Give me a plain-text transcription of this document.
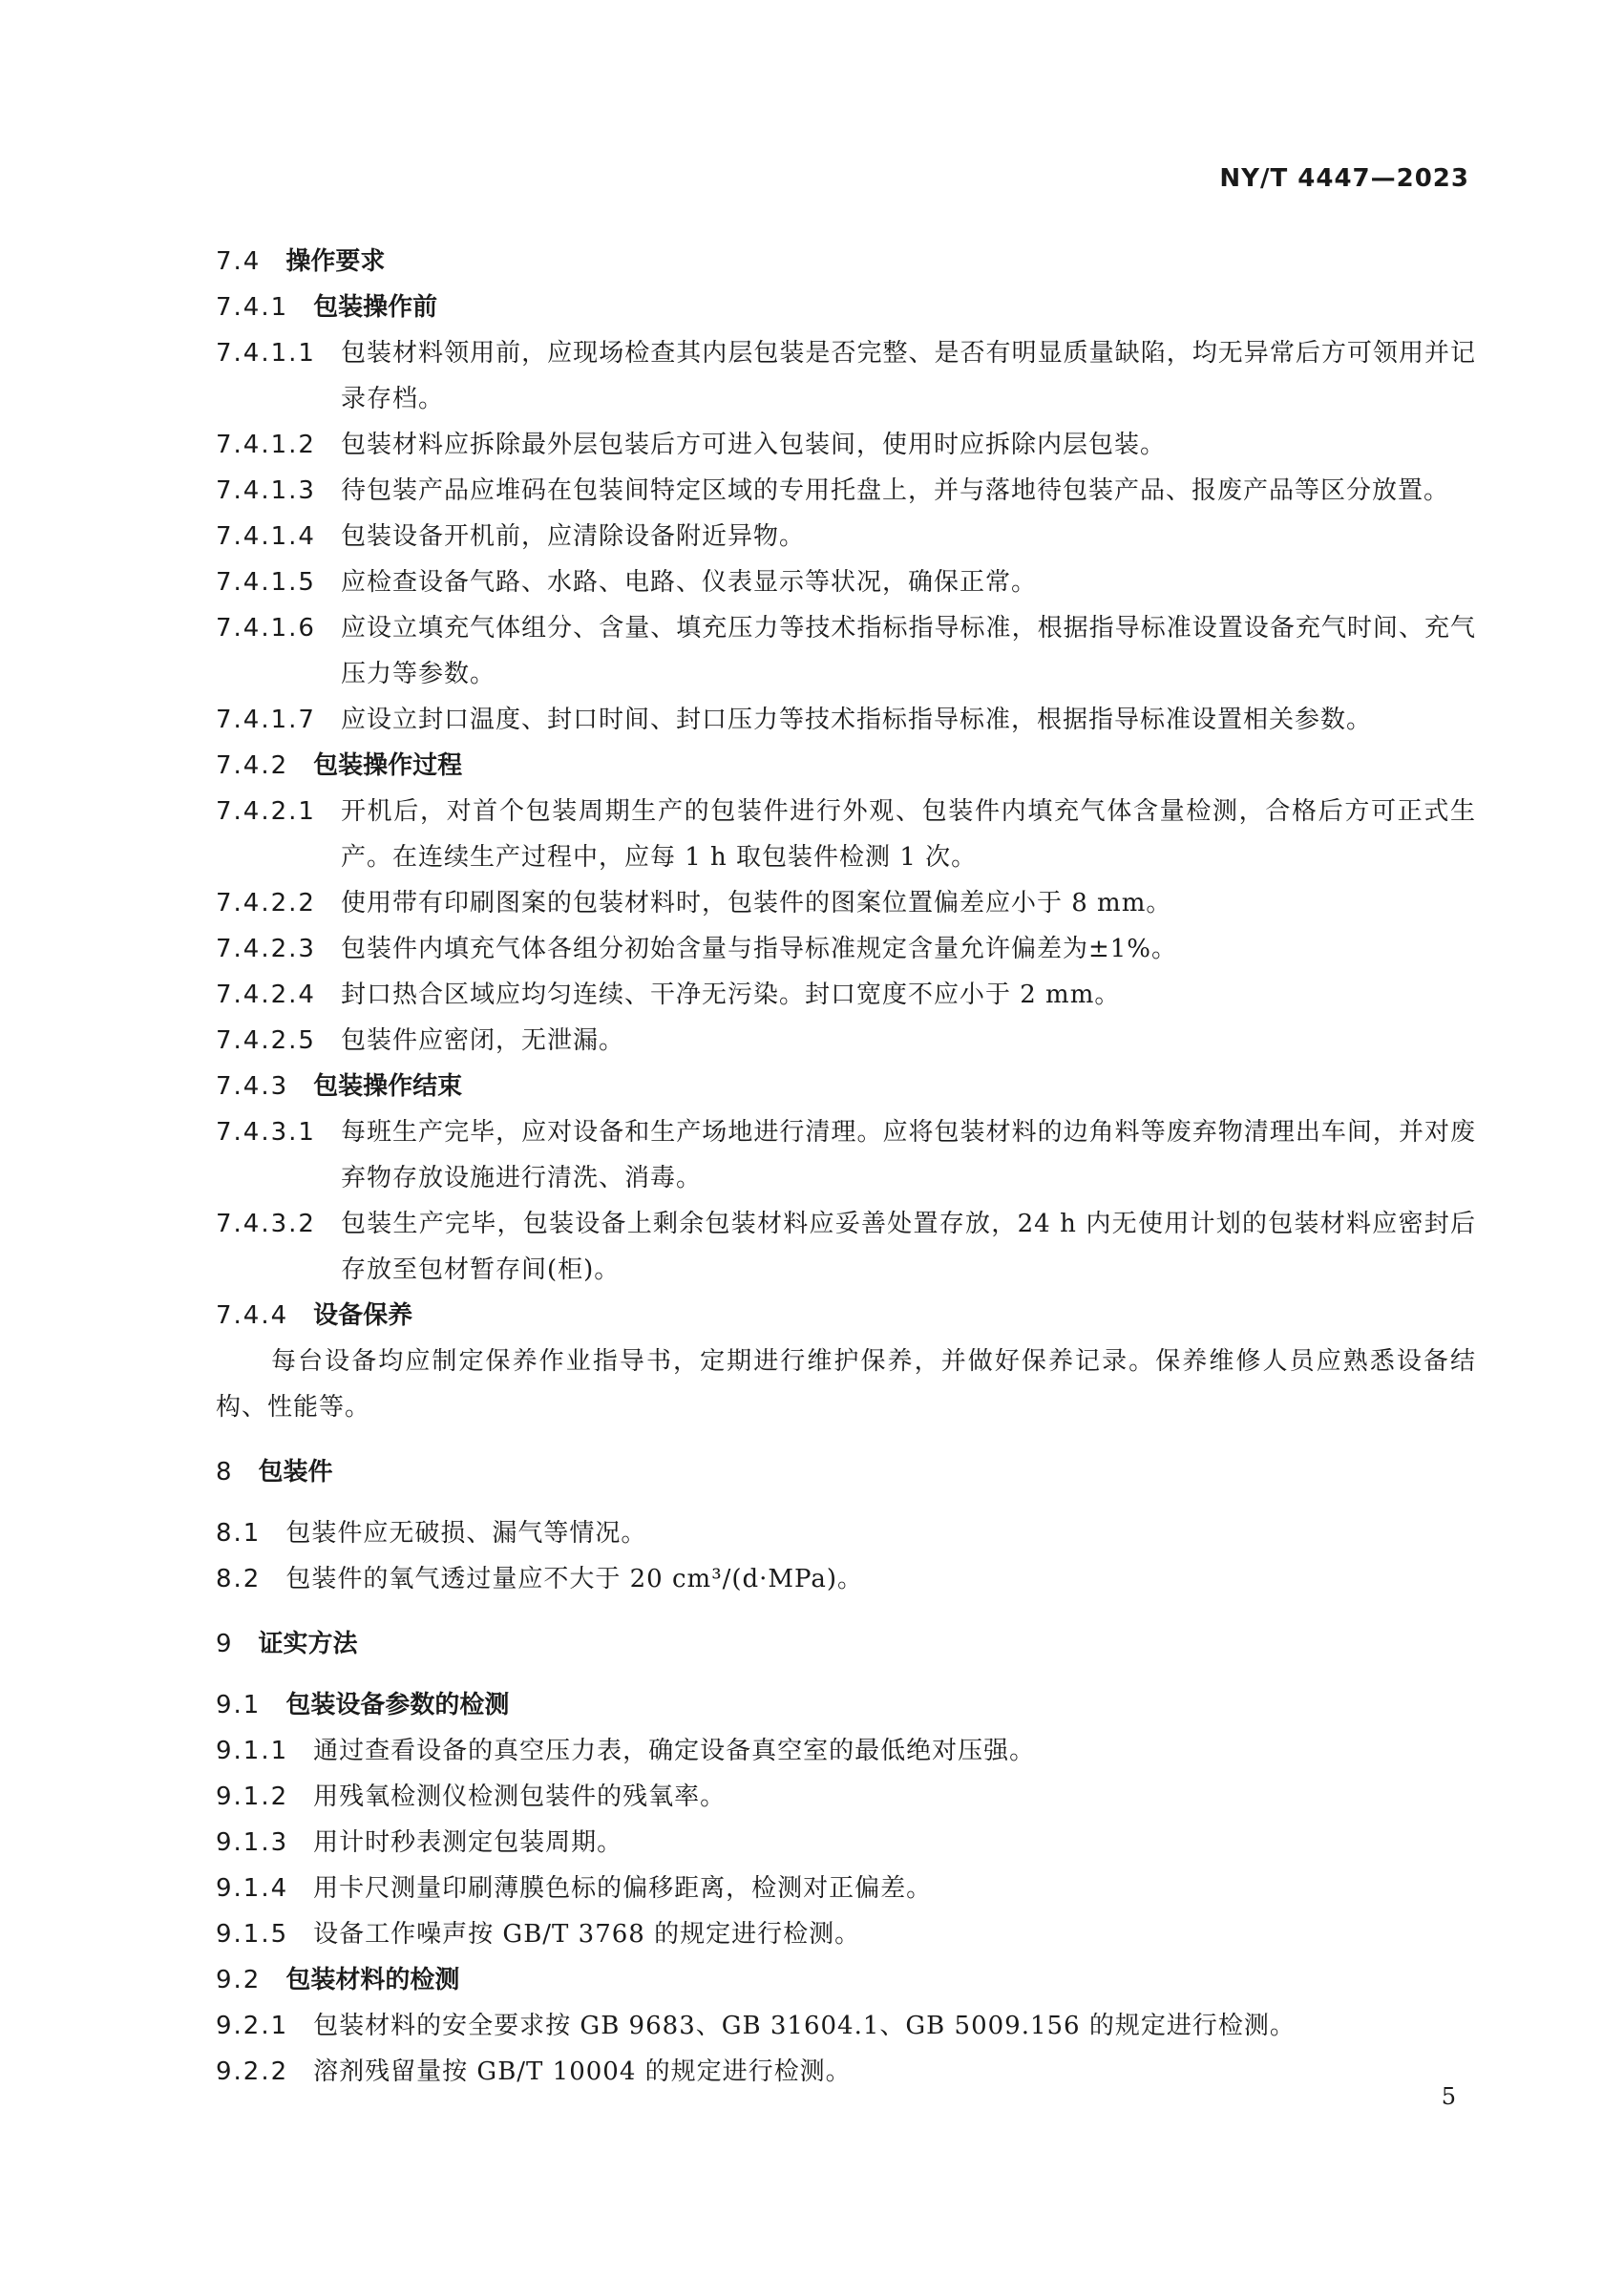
NY/T 4447—2023
7.4 操作要求
7.4.1 包装操作前
7.4.1.1 包装材料领用前，应现场检查其内层包装是否完整、是否有明显质量缺陷，均无异常后方可领用并记录存档。
7.4.1.2 包装材料应拆除最外层包装后方可进入包装间，使用时应拆除内层包装。
7.4.1.3 待包装产品应堆码在包装间特定区域的专用托盘上，并与落地待包装产品、报废产品等区分放置。
7.4.1.4 包装设备开机前，应清除设备附近异物。
7.4.1.5 应检查设备气路、水路、电路、仪表显示等状况，确保正常。
7.4.1.6 应设立填充气体组分、含量、填充压力等技术指标指导标准，根据指导标准设置设备充气时间、充气压力等参数。
7.4.1.7 应设立封口温度、封口时间、封口压力等技术指标指导标准，根据指导标准设置相关参数。
7.4.2 包装操作过程
7.4.2.1 开机后，对首个包装周期生产的包装件进行外观、包装件内填充气体含量检测，合格后方可正式生产。在连续生产过程中，应每 1 h 取包装件检测 1 次。
7.4.2.2 使用带有印刷图案的包装材料时，包装件的图案位置偏差应小于 8 mm。
7.4.2.3 包装件内填充气体各组分初始含量与指导标准规定含量允许偏差为±1%。
7.4.2.4 封口热合区域应均匀连续、干净无污染。封口宽度不应小于 2 mm。
7.4.2.5 包装件应密闭，无泄漏。
7.4.3 包装操作结束
7.4.3.1 每班生产完毕，应对设备和生产场地进行清理。应将包装材料的边角料等废弃物清理出车间，并对废弃物存放设施进行清洗、消毒。
7.4.3.2 包装生产完毕，包装设备上剩余包装材料应妥善处置存放，24 h 内无使用计划的包装材料应密封后存放至包材暂存间(柜)。
7.4.4 设备保养
每台设备均应制定保养作业指导书，定期进行维护保养，并做好保养记录。保养维修人员应熟悉设备结构、性能等。
8 包装件
8.1 包装件应无破损、漏气等情况。
8.2 包装件的氧气透过量应不大于 20 cm³/(d·MPa)。
9 证实方法
9.1 包装设备参数的检测
9.1.1 通过查看设备的真空压力表，确定设备真空室的最低绝对压强。
9.1.2 用残氧检测仪检测包装件的残氧率。
9.1.3 用计时秒表测定包装周期。
9.1.4 用卡尺测量印刷薄膜色标的偏移距离，检测对正偏差。
9.1.5 设备工作噪声按 GB/T 3768 的规定进行检测。
9.2 包装材料的检测
9.2.1 包装材料的安全要求按 GB 9683、GB 31604.1、GB 5009.156 的规定进行检测。
9.2.2 溶剂残留量按 GB/T 10004 的规定进行检测。
5
